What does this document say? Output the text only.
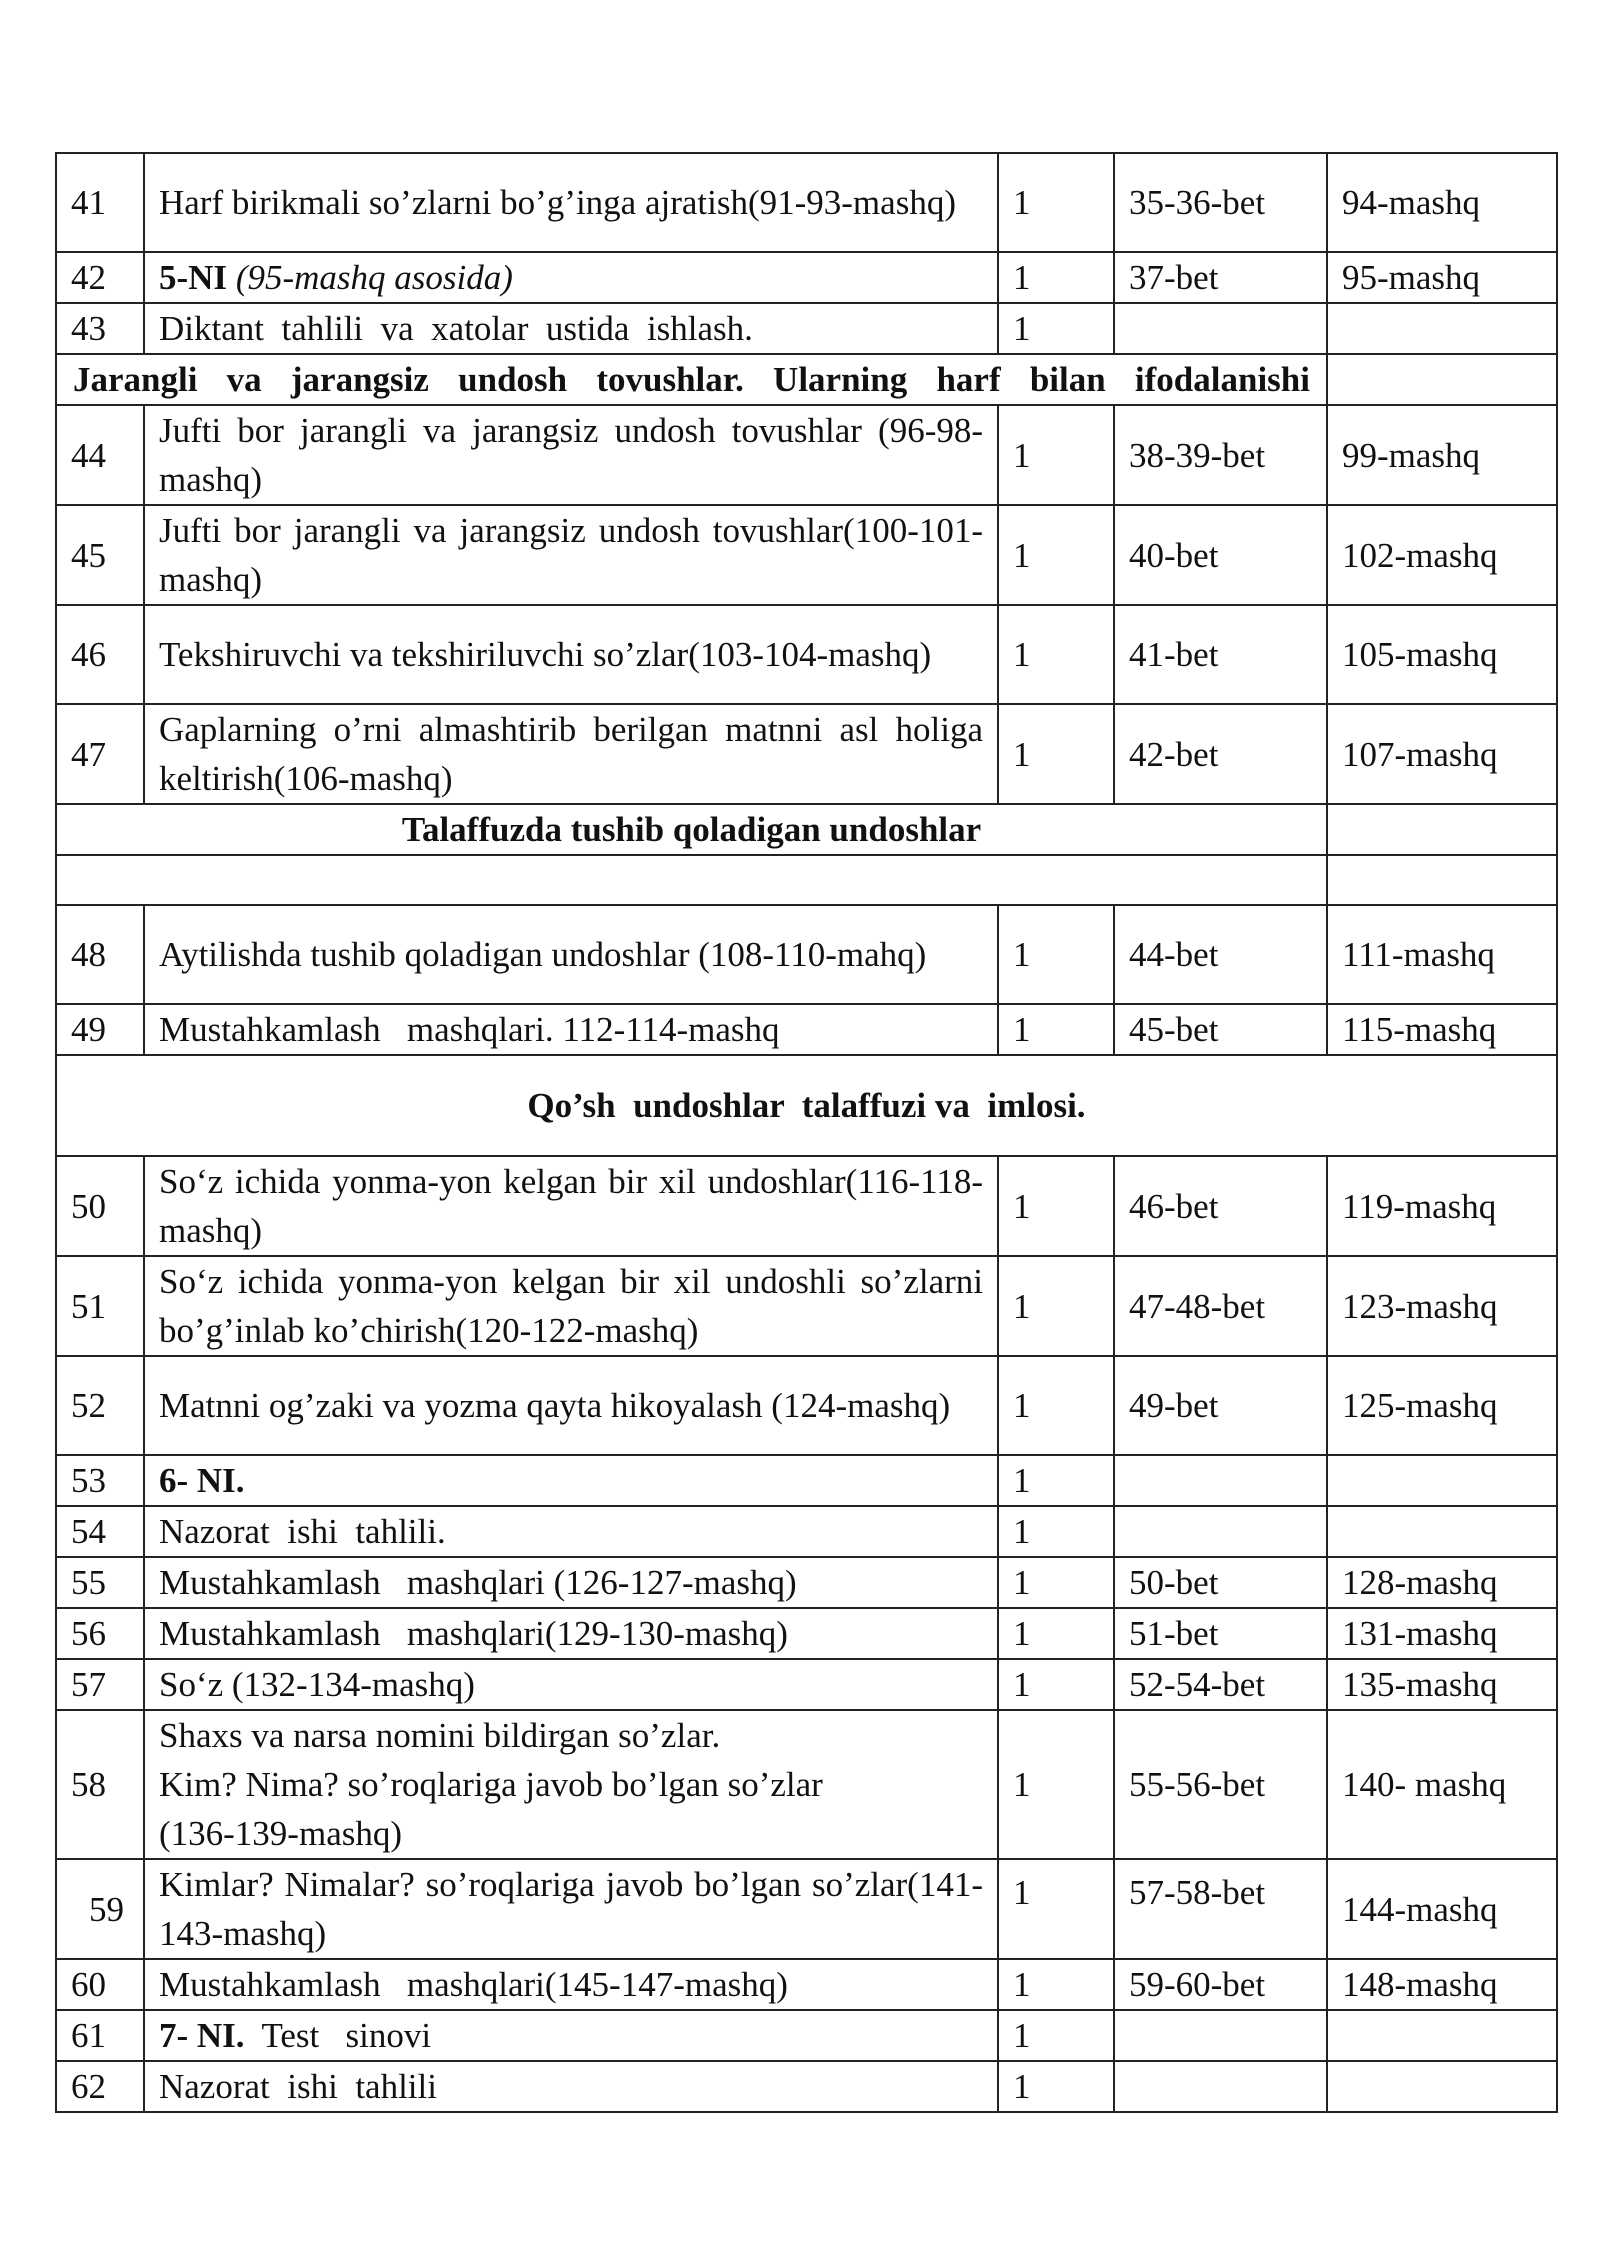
41	Harf birikmali so’zlarni bo’g’inga ajratish(91-93-mashq)	1	35-36-bet	94-mashq
42	5-NI (95-mashq asosida)	1	37-bet	95-mashq
43	Diktant  tahlili  va  xatolar  ustida  ishlash.	1		
Jarangli va jarangsiz undosh tovushlar. Ularning harf bilan ifodalanishi				
44	Jufti bor jarangli va jarangsiz undosh tovushlar (96-98-mashq)	1	38-39-bet	99-mashq
45	Jufti bor jarangli va jarangsiz undosh tovushlar(100-101-mashq)	1	40-bet	102-mashq
46	Tekshiruvchi va tekshiriluvchi so’zlar(103-104-mashq)	1	41-bet	105-mashq
47	Gaplarning o’rni almashtirib berilgan matnni asl holiga keltirish(106-mashq)	1	42-bet	107-mashq
Talaffuzda tushib qoladigan undoshlar				

48	Aytilishda tushib qoladigan undoshlar (108-110-mahq)	1	44-bet	111-mashq
49	Mustahkamlash   mashqlari. 112-114-mashq	1	45-bet	115-mashq
Qo’sh  undoshlar  talaffuzi va  imlosi.				
50	So‘z ichida yonma-yon kelgan bir xil undoshlar(116-118-mashq)	1	46-bet	119-mashq
51	So‘z ichida yonma-yon kelgan bir xil undoshli so’zlarni bo’g’inlab ko’chirish(120-122-mashq)	1	47-48-bet	123-mashq
52	Matnni og’zaki va yozma qayta hikoyalash (124-mashq)	1	49-bet	125-mashq
53	6- NI.	1		
54	Nazorat  ishi  tahlili.	1		
55	Mustahkamlash   mashqlari (126-127-mashq)	1	50-bet	128-mashq
56	Mustahkamlash   mashqlari(129-130-mashq)	1	51-bet	131-mashq
57	So‘z (132-134-mashq)	1	52-54-bet	135-mashq
58	Shaxs va narsa nomini bildirgan so’zlar.
Kim? Nima? so’roqlariga javob bo’lgan so’zlar
(136-139-mashq)	1	55-56-bet	140- mashq
59	Kimlar? Nimalar? so’roqlariga javob bo’lgan so’zlar(141-143-mashq)	1	57-58-bet	144-mashq
60	Mustahkamlash   mashqlari(145-147-mashq)	1	59-60-bet	148-mashq
61	7- NI. Test   sinovi	1		
62	Nazorat  ishi  tahlili	1		
